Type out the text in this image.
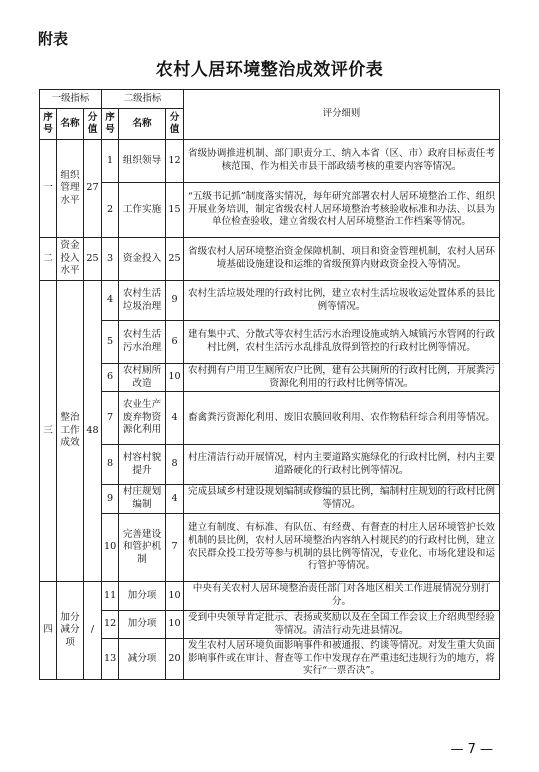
附表
农村人居环境整治成效评价表
一级指标			二级指标			评分细则
序号	名称	分值	序号	名称	分值	
一	组织管理水平	27	1	组织领导	12	省级协调推进机制、部门职责分工、纳入本省（区、市）政府目标责任考核范围、作为相关市县干部政绩考核的重要内容等情况。
			2	工作实施	15	“五级书记抓”制度落实情况，每年研究部署农村人居环境整治工作、组织开展业务培训，制定省级农村人居环境整治考核验收标准和办法、以县为单位检查验收，建立省级农村人居环境整治工作档案等情况。
二	资金投入水平	25	3	资金投入	25	省级农村人居环境整治资金保障机制、项目和资金管理机制，农村人居环境基础设施建设和运维的省级预算内财政资金投入等情况。
三	整治工作成效	48	4	农村生活垃圾治理	9	农村生活垃圾处理的行政村比例，建立农村生活垃圾收运处置体系的县比例等情况。
			5	农村生活污水治理	6	建有集中式、分散式等农村生活污水治理设施或纳入城镇污水管网的行政村比例，农村生活污水乱排乱放得到管控的行政村比例等情况。
			6	农村厕所改造	10	农村拥有户用卫生厕所农户比例，建有公共厕所的行政村比例，开展粪污资源化利用的行政村比例等情况。
			7	农业生产废弃物资源化利用	4	畜禽粪污资源化利用、废旧农膜回收利用、农作物秸秆综合利用等情况。
			8	村容村貌提升	8	村庄清洁行动开展情况，村内主要道路实施绿化的行政村比例，村内主要道路硬化的行政村比例等情况。
			9	村庄规划编制	4	完成县域乡村建设规划编制或修编的县比例，编制村庄规划的行政村比例等情况。
			10	完善建设和管护机制	7	建立有制度、有标准、有队伍、有经费、有督查的村庄人居环境管护长效机制的县比例，农村人居环境整治内容纳入村规民约的行政村比例，建立农民群众投工投劳等参与机制的县比例等情况，专业化、市场化建设和运行管护等情况。
四	加分减分项	/	11	加分项	10	中央有关农村人居环境整治责任部门对各地区相关工作进展情况分别打分。
			12	加分项	10	受到中央领导肯定批示、表扬或奖励以及在全国工作会议上介绍典型经验等情况。清洁行动先进县情况。
			13	减分项	20	发生农村人居环境负面影响事件和被通报、约谈等情况。对发生重大负面影响事件或在审计、督查等工作中发现存在严重违纪违规行为的地方，将实行“一票否决”。
— 7 —
